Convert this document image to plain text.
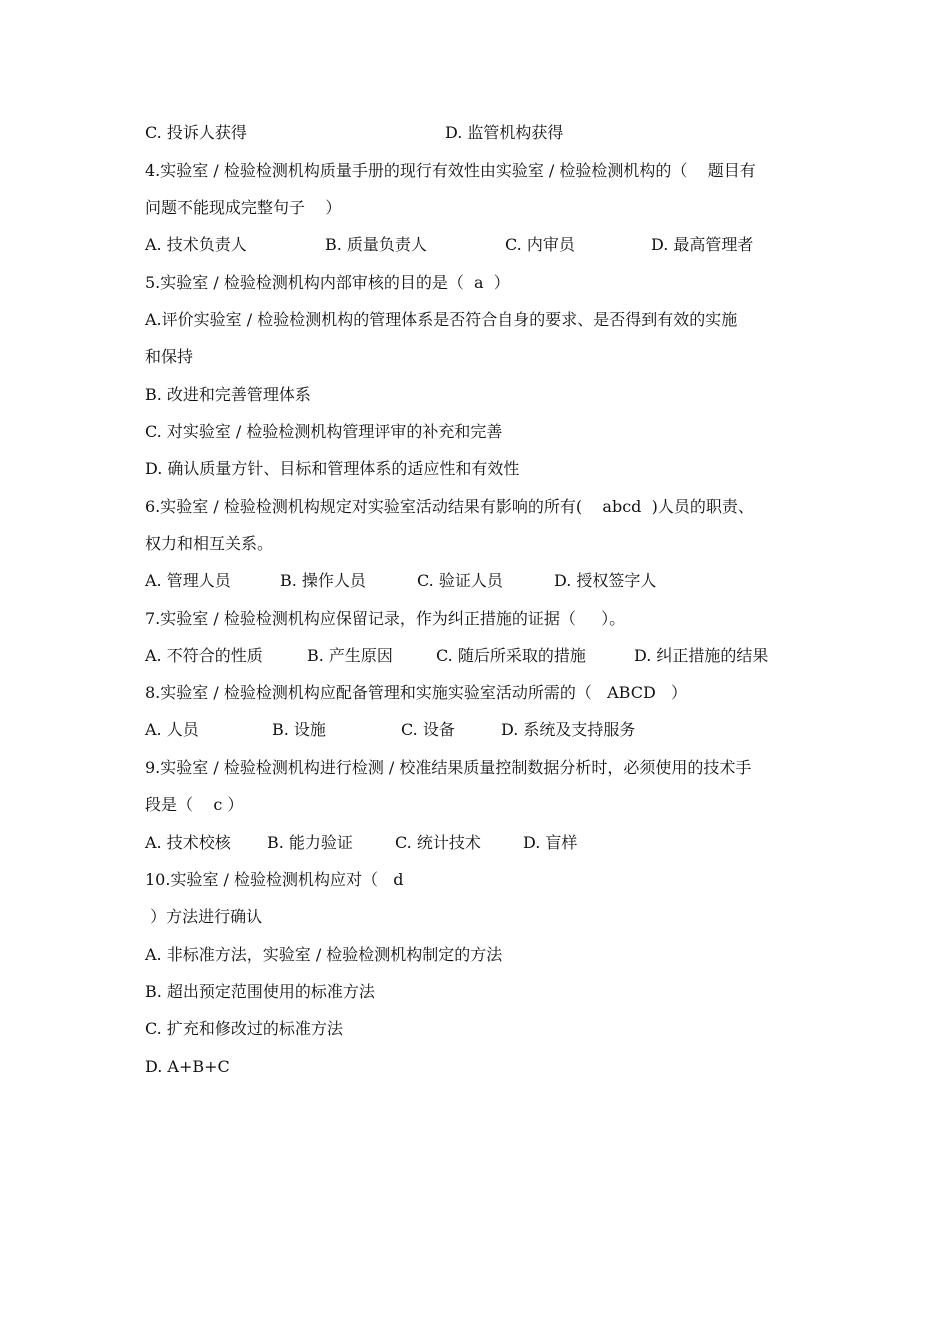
C. 投诉人获得

	D. 监管机构获得

4.实验室 / 检验检测机构质量手册的现行有效性由实验室 / 检验检测机构的（    题目有
问题不能现成完整句子    ）

A. 技术负责人

	B. 质量负责人

	C. 内审员

	D. 最高管理者

5.实验室 / 检验检测机构内部审核的目的是（  a  ）
A.评价实验室 / 检验检测机构的管理体系是否符合自身的要求、是否得到有效的实施
和保持
B. 改进和完善管理体系
C. 对实验室 / 检验检测机构管理评审的补充和完善
D. 确认质量方针、目标和管理体系的适应性和有效性
6.实验室 / 检验检测机构规定对实验室活动结果有影响的所有(    abcd  )人员的职责、
权力和相互关系。

A. 管理人员

	B. 操作人员

	C. 验证人员

	D. 授权签字人

7.实验室 / 检验检测机构应保留记录，作为纠正措施的证据（     ）。

A. 不符合的性质

	B. 产生原因

	C. 随后所采取的措施

	D. 纠正措施的结果

8.实验室 / 检验检测机构应配备管理和实施实验室活动所需的（   ABCD   ）

A. 人员

	B. 设施

	C. 设备

	D. 系统及支持服务

9.实验室 / 检验检测机构进行检测 / 校准结果质量控制数据分析时，必须使用的技术手
段是（    c ）

A. 技术校核

B. 能力验证

	C. 统计技术

	D. 盲样

10.实验室 / 检验检测机构应对（   d
）方法进行确认
A. 非标准方法，实验室 / 检验检测机构制定的方法
B. 超出预定范围使用的标准方法
C. 扩充和修改过的标准方法
D. A+B+C
